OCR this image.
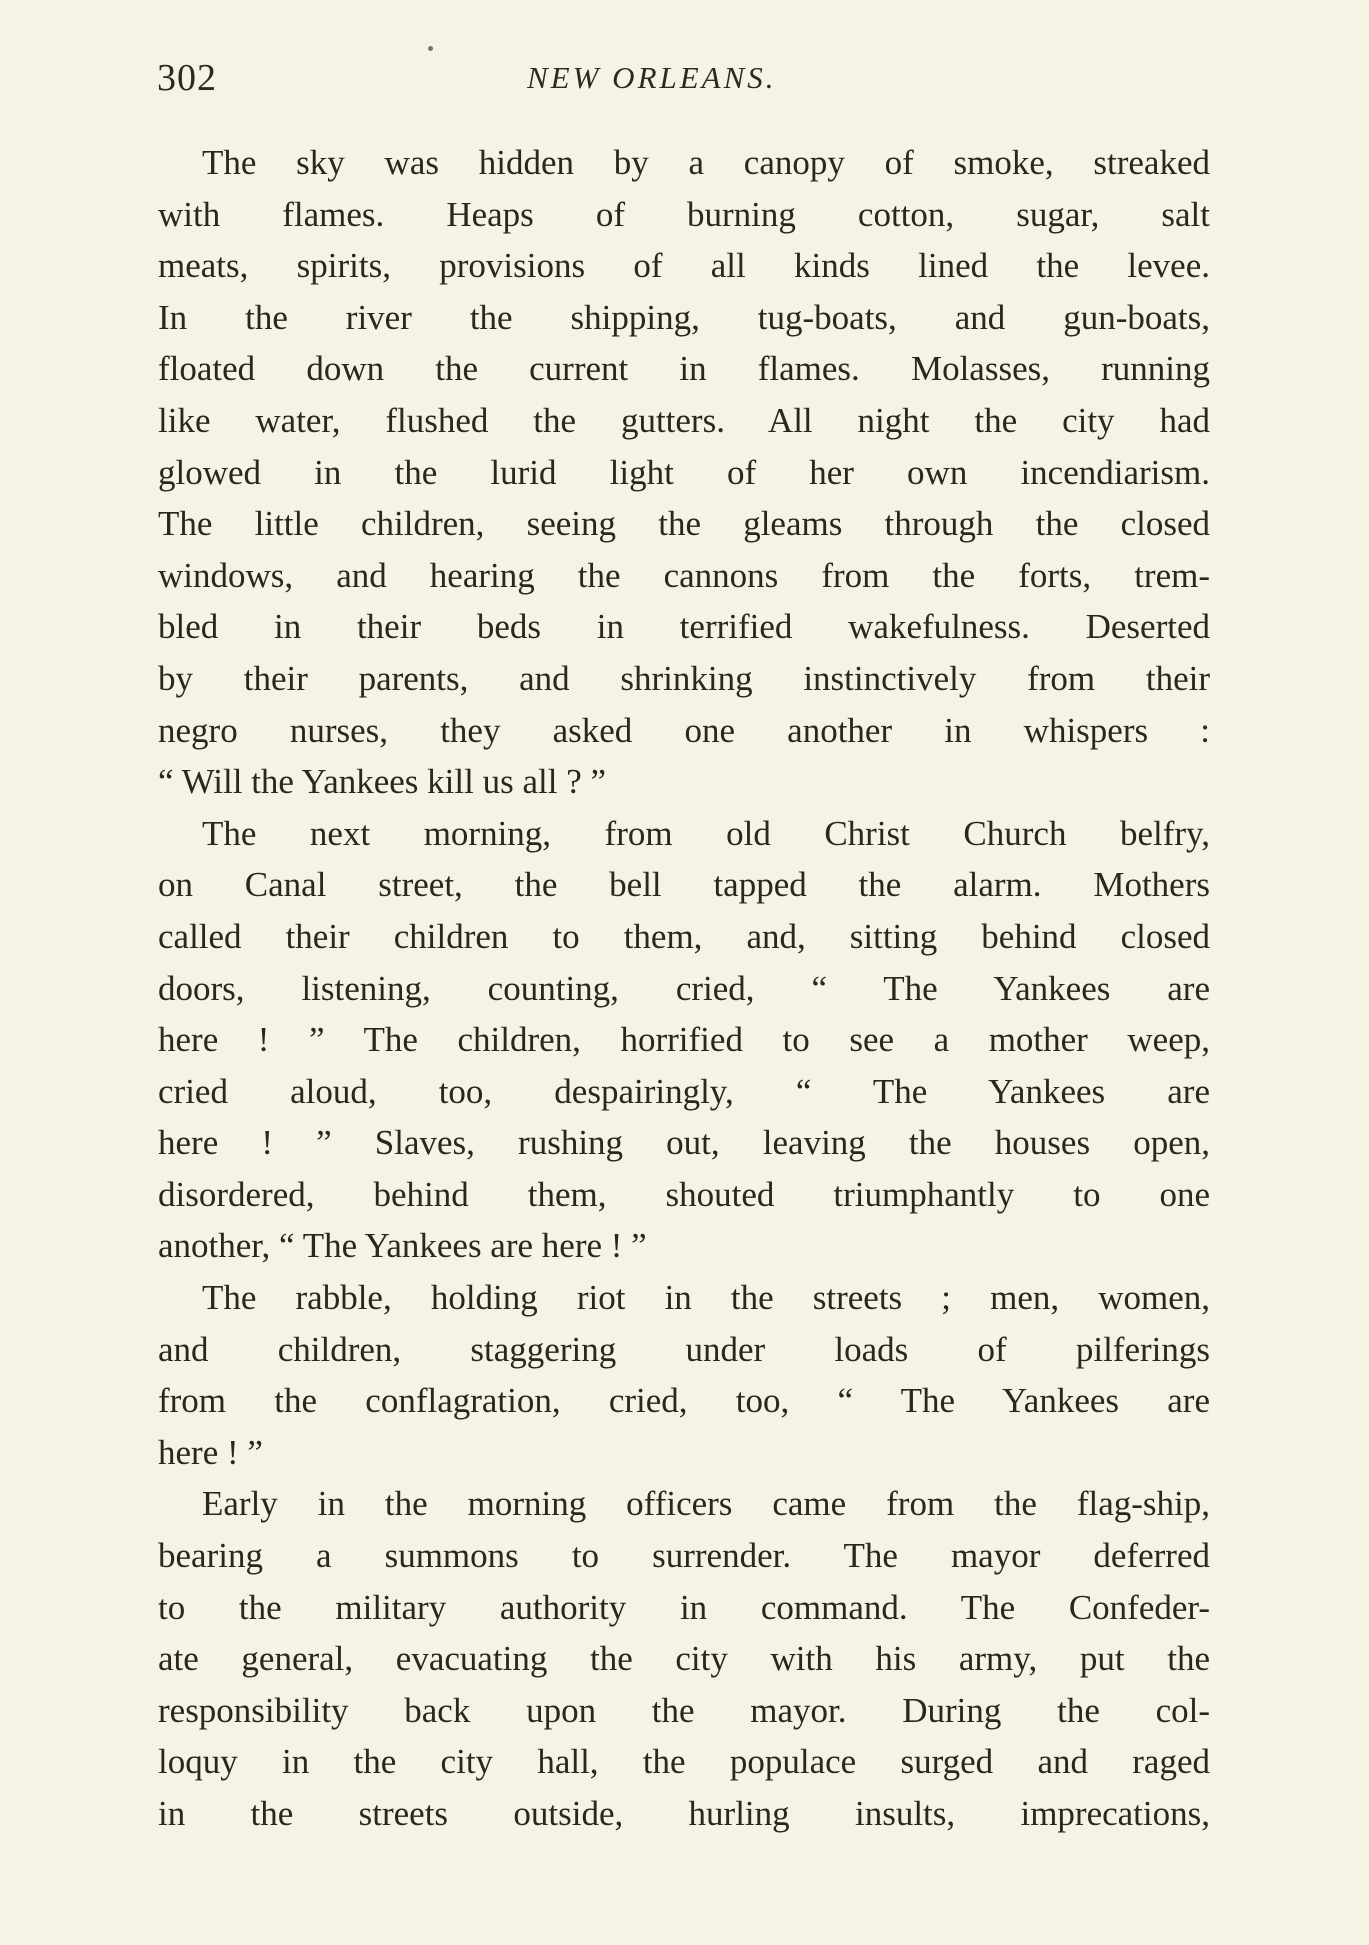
302	NEW ORLEANS.
The sky was hidden by a canopy of smoke, streaked
with flames. Heaps of burning cotton, sugar, salt
meats, spirits, provisions of all kinds lined the levee.
In the river the shipping, tug-boats, and gun-boats,
floated down the current in flames. Molasses, running
like water, flushed the gutters. All night the city had
glowed in the lurid light of her own incendiarism.
The little children, seeing the gleams through the closed
windows, and hearing the cannons from the forts, trem-
bled in their beds in terrified wakefulness. Deserted
by their parents, and shrinking instinctively from their
negro nurses, they asked one another in whispers :
“ Will the Yankees kill us all ? ”
The next morning, from old Christ Church belfry,
on Canal street, the bell tapped the alarm. Mothers
called their children to them, and, sitting behind closed
doors, listening, counting, cried, “ The Yankees are
here ! ” The children, horrified to see a mother weep,
cried aloud, too, despairingly, “ The Yankees are
here ! ” Slaves, rushing out, leaving the houses open,
disordered, behind them, shouted triumphantly to one
another, “ The Yankees are here ! ”
The rabble, holding riot in the streets ; men, women,
and children, staggering under loads of pilferings
from the conflagration, cried, too, “ The Yankees are
here ! ”
Early in the morning officers came from the flag-ship,
bearing a summons to surrender. The mayor deferred
to the military authority in command. The Confeder-
ate general, evacuating the city with his army, put the
responsibility back upon the mayor. During the col-
loquy in the city hall, the populace surged and raged
in the streets outside, hurling insults, imprecations,
